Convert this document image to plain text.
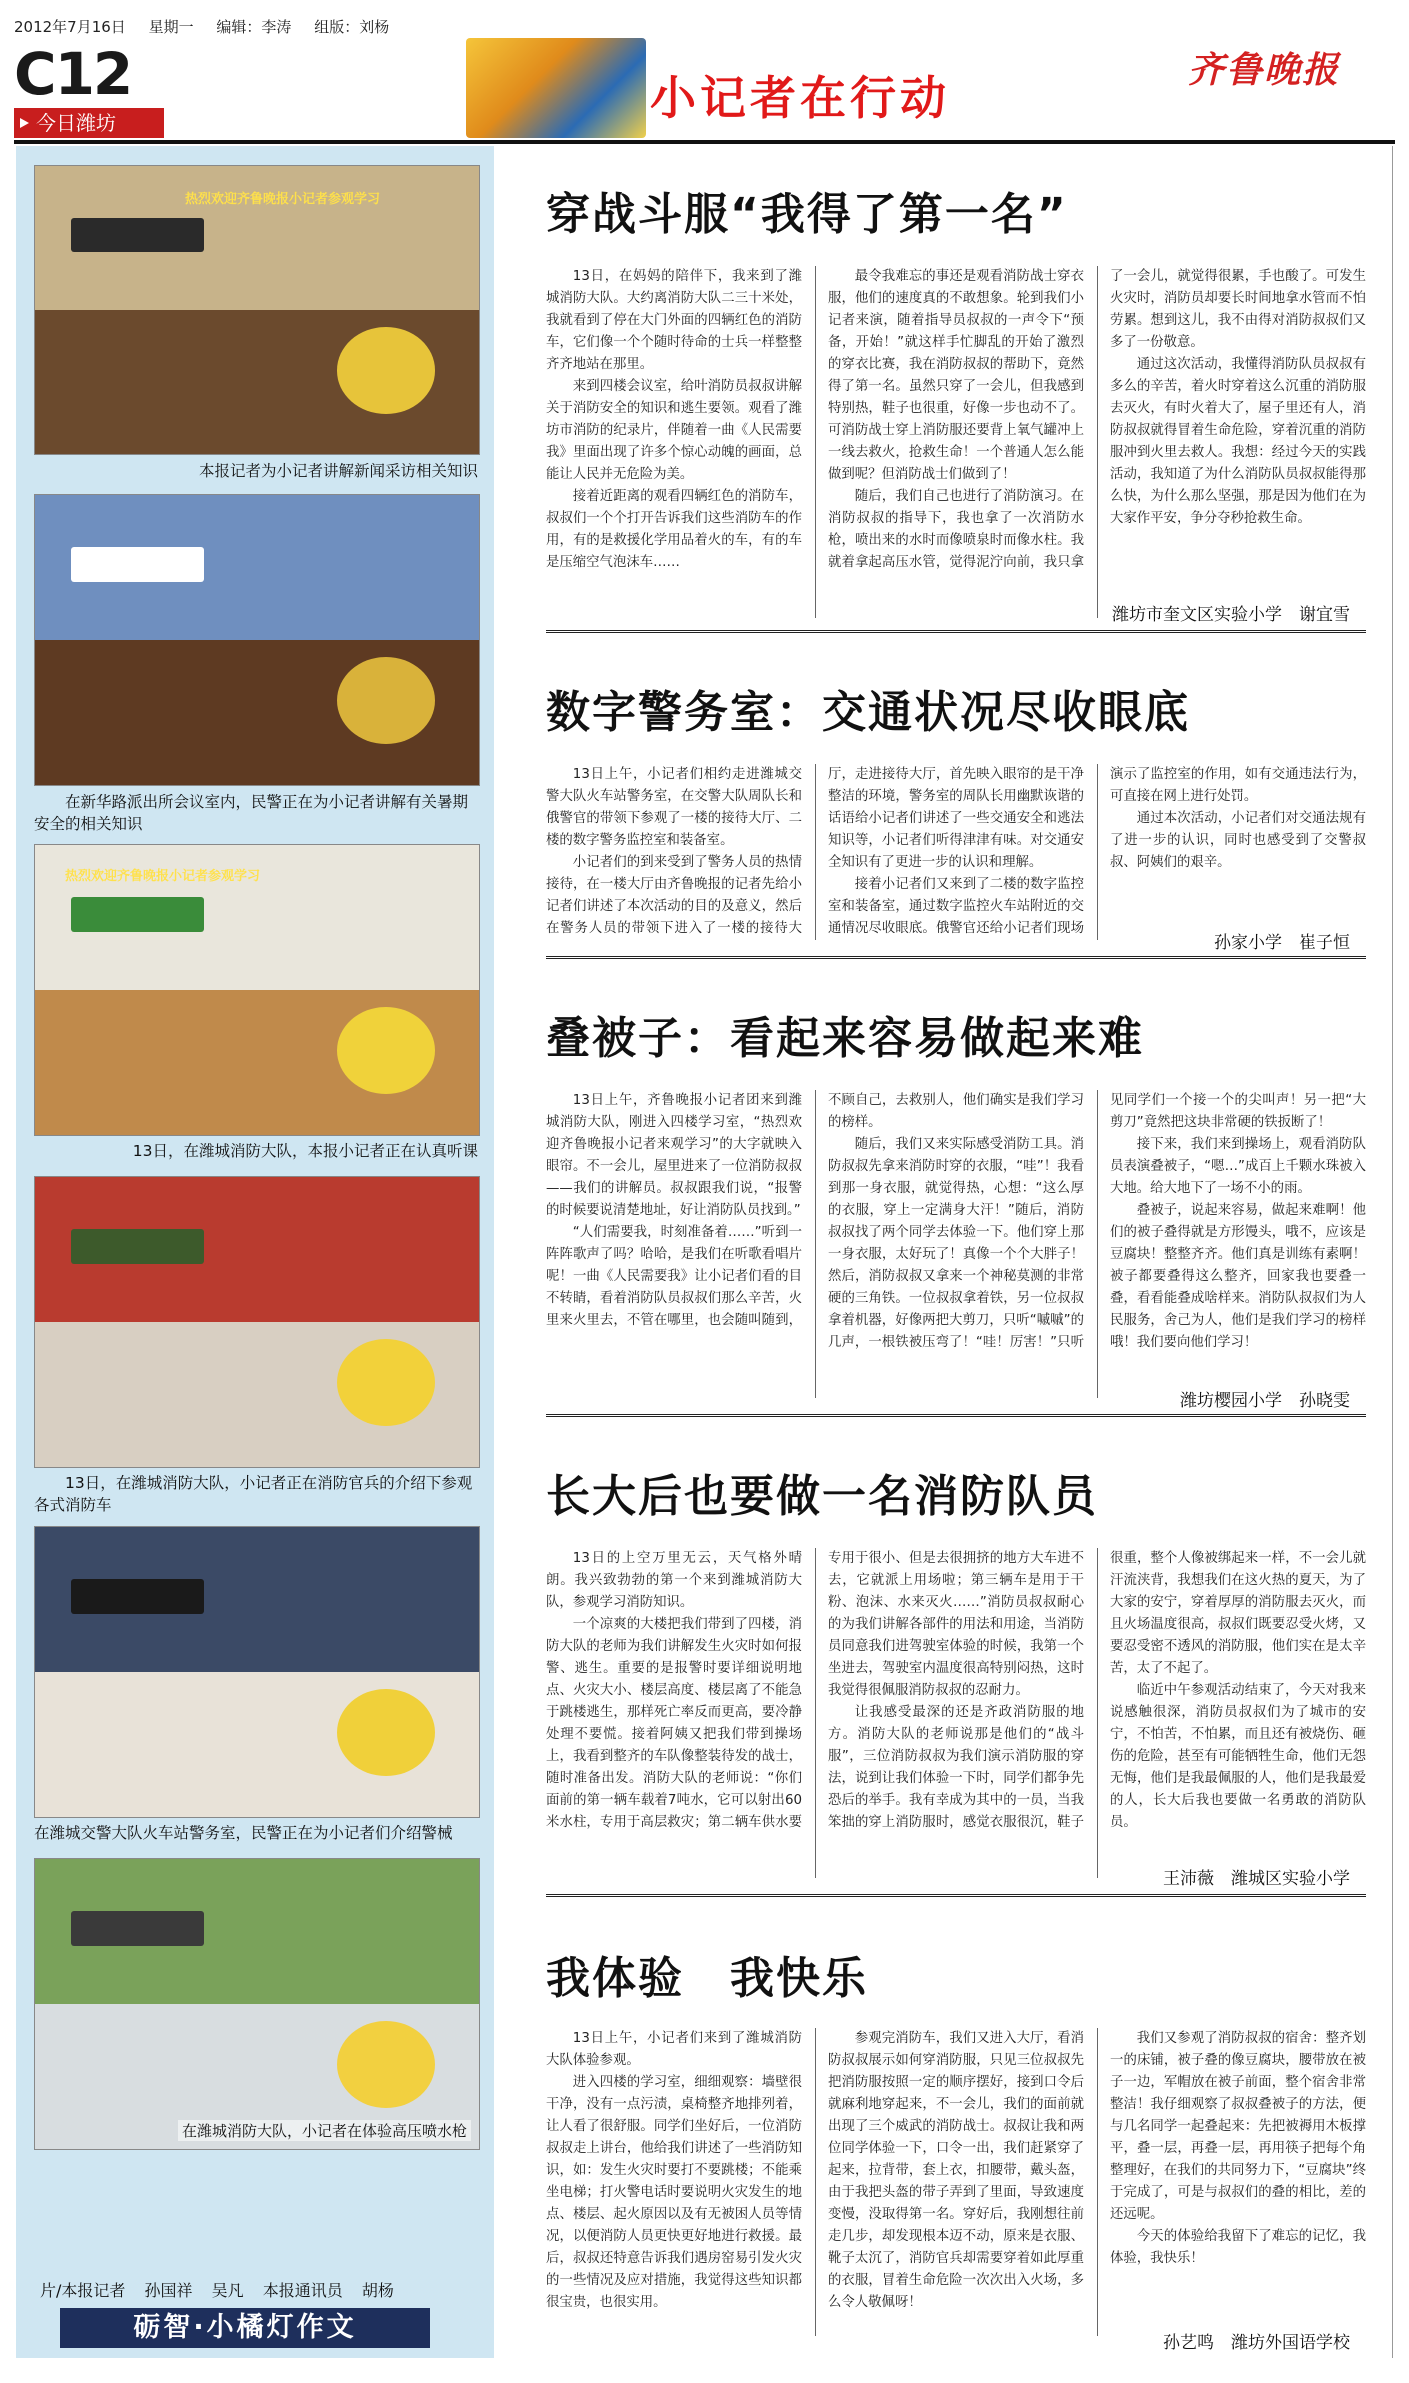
2012年7月16日 星期一 编辑：李涛 组版：刘杨
C12
今日潍坊	小记者在行动
齐鲁晚报
热烈欢迎齐鲁晚报小记者参观学习
本报记者为小记者讲解新闻采访相关知识
在新华路派出所会议室内，民警正在为小记者讲解有关暑期安全的相关知识
热烈欢迎齐鲁晚报小记者参观学习
13日，在潍城消防大队，本报小记者正在认真听课
13日，在潍城消防大队，小记者正在消防官兵的介绍下参观各式消防车
在潍城交警大队火车站警务室，民警正在为小记者们介绍警械
在潍城消防大队，小记者在体验高压喷水枪
片/本报记者 孙国祥 吴凡 本报通讯员 胡杨
砺智·小橘灯作文
穿战斗服“我得了第一名”

13日，在妈妈的陪伴下，我来到了潍城消防大队。大约离消防大队二三十米处，我就看到了停在大门外面的四辆红色的消防车，它们像一个个随时待命的士兵一样整整齐齐地站在那里。

来到四楼会议室，给叶消防员叔叔讲解关于消防安全的知识和逃生要领。观看了潍坊市消防的纪录片，伴随着一曲《人民需要我》里面出现了许多个惊心动魄的画面，总能让人民并无危险为美。

接着近距离的观看四辆红色的消防车，叔叔们一个个打开告诉我们这些消防车的作用，有的是救援化学用品着火的车，有的车是压缩空气泡沫车……

最令我难忘的事还是观看消防战士穿衣服，他们的速度真的不敢想象。轮到我们小记者来演，随着指导员叔叔的一声令下“预备，开始！”就这样手忙脚乱的开始了激烈的穿衣比赛，我在消防叔叔的帮助下，竟然得了第一名。虽然只穿了一会儿，但我感到特别热，鞋子也很重，好像一步也动不了。可消防战士穿上消防服还要背上氧气罐冲上一线去救火，抢救生命！一个普通人怎么能做到呢？但消防战士们做到了！

随后，我们自己也进行了消防演习。在消防叔叔的指导下，我也拿了一次消防水枪，喷出来的水时而像喷泉时而像水柱。我就着拿起高压水管，觉得泥泞向前，我只拿了一会儿，就觉得很累，手也酸了。可发生火灾时，消防员却要长时间地拿水管而不怕劳累。想到这儿，我不由得对消防叔叔们又多了一份敬意。

通过这次活动，我懂得消防队员叔叔有多么的辛苦，着火时穿着这么沉重的消防服去灭火，有时火着大了，屋子里还有人，消防叔叔就得冒着生命危险，穿着沉重的消防服冲到火里去救人。我想：经过今天的实践活动，我知道了为什么消防队员叔叔能得那么快，为什么那么坚强，那是因为他们在为大家作平安，争分夺秒抢救生命。

潍坊市奎文区实验小学　谢宜雪
数字警务室：交通状况尽收眼底

13日上午，小记者们相约走进潍城交警大队火车站警务室，在交警大队周队长和俄警官的带领下参观了一楼的接待大厅、二楼的数字警务监控室和装备室。

小记者们的到来受到了警务人员的热情接待，在一楼大厅由齐鲁晚报的记者先给小记者们讲述了本次活动的目的及意义，然后在警务人员的带领下进入了一楼的接待大厅，走进接待大厅，首先映入眼帘的是干净整洁的环境，警务室的周队长用幽默诙谐的话语给小记者们讲述了一些交通安全和逃法知识等，小记者们听得津津有味。对交通安全知识有了更进一步的认识和理解。

接着小记者们又来到了二楼的数字监控室和装备室，通过数字监控火车站附近的交通情况尽收眼底。俄警官还给小记者们现场演示了监控室的作用，如有交通违法行为，可直接在网上进行处罚。

通过本次活动，小记者们对交通法规有了进一步的认识，同时也感受到了交警叔叔、阿姨们的艰辛。

孙家小学　崔子恒
叠被子：看起来容易做起来难

13日上午，齐鲁晚报小记者团来到潍城消防大队，刚进入四楼学习室，“热烈欢迎齐鲁晚报小记者来观学习”的大字就映入眼帘。不一会儿，屋里进来了一位消防叔叔——我们的讲解员。叔叔跟我们说，“报警的时候要说清楚地址，好让消防队员找到。”

“人们需要我，时刻准备着……”听到一阵阵歌声了吗？哈哈，是我们在听歌看唱片呢！一曲《人民需要我》让小记者们看的目不转睛，看着消防队员叔叔们那么辛苦，火里来火里去，不管在哪里，也会随叫随到，不顾自己，去救别人，他们确实是我们学习的榜样。

随后，我们又来实际感受消防工具。消防叔叔先拿来消防时穿的衣服，“哇”！我看到那一身衣服，就觉得热，心想：“这么厚的衣服，穿上一定满身大汗！”随后，消防叔叔找了两个同学去体验一下。他们穿上那一身衣服，太好玩了！真像一个个大胖子！然后，消防叔叔又拿来一个神秘莫测的非常硬的三角铁。一位叔叔拿着铁，另一位叔叔拿着机器，好像两把大剪刀，只听“嘁嘁”的几声，一根铁被压弯了！“哇！厉害！”只听见同学们一个接一个的尖叫声！另一把“大剪刀”竟然把这块非常硬的铁扳断了！

接下来，我们来到操场上，观看消防队员表演叠被子，“嗯…”成百上千颗水珠被入大地。给大地下了一场不小的雨。

叠被子，说起来容易，做起来难啊！他们的被子叠得就是方形馒头，哦不，应该是豆腐块！整整齐齐。他们真是训练有素啊！被子都要叠得这么整齐，回家我也要叠一叠，看看能叠成啥样来。消防队叔叔们为人民服务，舍己为人，他们是我们学习的榜样哦！我们要向他们学习！

潍坊樱园小学　孙晓雯
长大后也要做一名消防队员

13日的上空万里无云，天气格外晴朗。我兴致勃勃的第一个来到潍城消防大队，参观学习消防知识。

一个凉爽的大楼把我们带到了四楼，消防大队的老师为我们讲解发生火灾时如何报警、逃生。重要的是报警时要详细说明地点、火灾大小、楼层高度、楼层离了不能急于跳楼逃生，那样死亡率反而更高，要冷静处理不要慌。接着阿姨又把我们带到操场上，我看到整齐的车队像整装待发的战士，随时准备出发。消防大队的老师说：“你们面前的第一辆车载着7吨水，它可以射出60米水柱，专用于高层救灾；第二辆车供水要专用于很小、但是去很拥挤的地方大车进不去，它就派上用场啦；第三辆车是用于干粉、泡沫、水来灭火……”消防员叔叔耐心的为我们讲解各部件的用法和用途，当消防员同意我们进驾驶室体验的时候，我第一个坐进去，驾驶室内温度很高特别闷热，这时我觉得很佩服消防叔叔的忍耐力。

让我感受最深的还是齐政消防服的地方。消防大队的老师说那是他们的“战斗服”，三位消防叔叔为我们演示消防服的穿法，说到让我们体验一下时，同学们都争先恐后的举手。我有幸成为其中的一员，当我笨拙的穿上消防服时，感觉衣服很沉，鞋子很重，整个人像被绑起来一样，不一会儿就汗流浃背，我想我们在这火热的夏天，为了大家的安宁，穿着厚厚的消防服去灭火，而且火场温度很高，叔叔们既要忍受火烤，又要忍受密不透风的消防服，他们实在是太辛苦，太了不起了。

临近中午参观活动结束了，今天对我来说感触很深，消防员叔叔们为了城市的安宁，不怕苦，不怕累，而且还有被烧伤、砸伤的危险，甚至有可能牺牲生命，他们无怨无悔，他们是我最佩服的人，他们是我最爱的人，长大后我也要做一名勇敢的消防队员。

王沛薇　潍城区实验小学
我体验　我快乐

13日上午，小记者们来到了潍城消防大队体验参观。

进入四楼的学习室，细细观察：墙壁很干净，没有一点污渍，桌椅整齐地排列着，让人看了很舒服。同学们坐好后，一位消防叔叔走上讲台，他给我们讲述了一些消防知识，如：发生火灾时要打不要跳楼；不能乘坐电梯；打火警电话时要说明火灾发生的地点、楼层、起火原因以及有无被困人员等情况，以便消防人员更快更好地进行救援。最后，叔叔还特意告诉我们遇房窑易引发火灾的一些情况及应对措施，我觉得这些知识都很宝贵，也很实用。

参观完消防车，我们又进入大厅，看消防叔叔展示如何穿消防服，只见三位叔叔先把消防服按照一定的顺序摆好，接到口令后就麻利地穿起来，不一会儿，我们的面前就出现了三个威武的消防战士。叔叔让我和两位同学体验一下，口令一出，我们赶紧穿了起来，拉背带，套上衣，扣腰带，戴头盔，由于我把头盔的带子弄到了里面，导致速度变慢，没取得第一名。穿好后，我刚想往前走几步，却发现根本迈不动，原来是衣服、靴子太沉了，消防官兵却需要穿着如此厚重的衣服，冒着生命危险一次次出入火场，多么令人敬佩呀！

我们又参观了消防叔叔的宿舍：整齐划一的床铺，被子叠的像豆腐块，腰带放在被子一边，军帽放在被子前面，整个宿舍非常整洁！我仔细观察了叔叔叠被子的方法，便与几名同学一起叠起来：先把被褥用木板撑平，叠一层，再叠一层，再用筷子把每个角整理好，在我们的共同努力下，“豆腐块”终于完成了，可是与叔叔们的叠的相比，差的还远呢。

今天的体验给我留下了难忘的记忆，我体验，我快乐！

孙艺鸣　潍坊外国语学校
